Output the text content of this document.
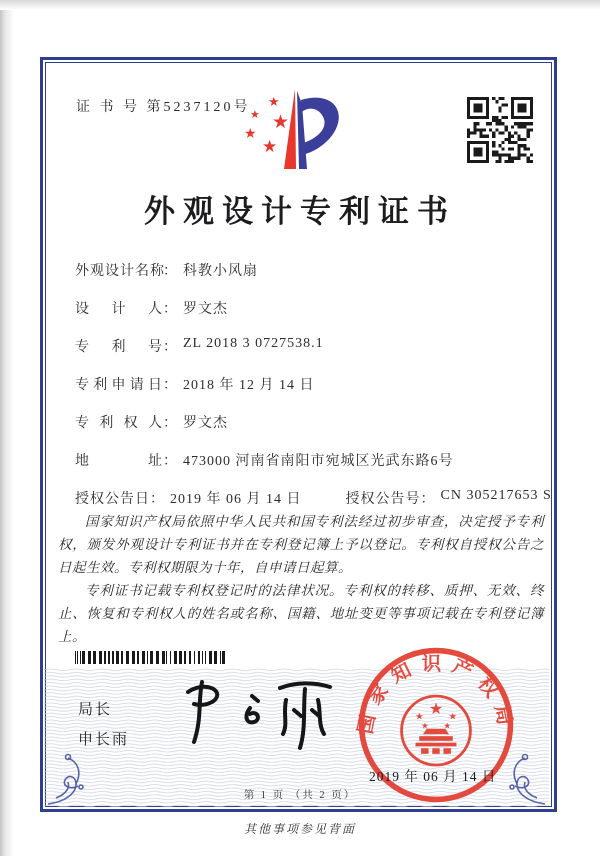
证 书 号 第5237120号 ★
★ ★
★
★
外观设计专利证书
外观设计名称
： 科教小风扇
设计人 ： 罗文杰
专利号 ： ZL 2018 3 0727538.1
专利申请日 ： 2018 年 12 月 14 日
专利权人 ： 罗文杰
地址 ： 473000 河南省南阳市宛城区光武东路6号
授权公告日 ： 2019 年 06 月 14 日	授权公告号 ： CN 305217653 S

国家知识产权局依照中华人民共和国专利法经过初步审查，决定授予专利权，颁发外观设计专利证书并在专利登记簿上予以登记。专利权自授权公告之日起生效。专利权期限为十年，自申请日起算。

专利证书记载专利权登记时的法律状况。专利权的转移、质押、无效、终止、恢复和专利权人的姓名或名称、国籍、地址变更等事项记载在专利登记簿上。

局长
申长雨
国家知识产权局
★
★	★
★ ★
2019 年 06 月 14 日
第 1 页 （共 2 页）
其他事项参见背面
